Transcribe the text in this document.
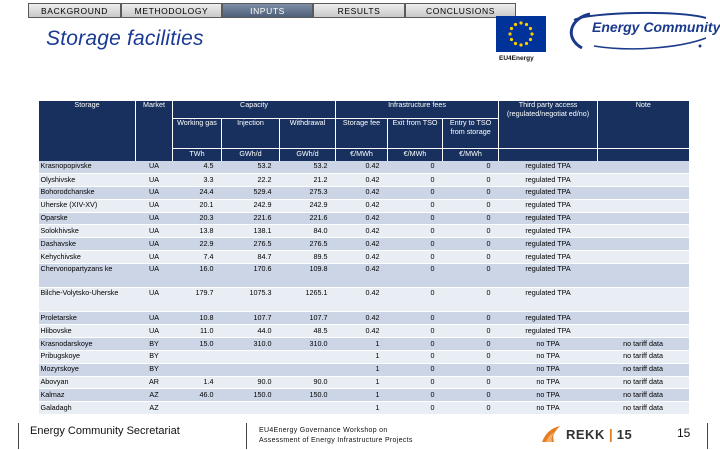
BACKGROUND	METHODOLOGY	INPUTS	RESULTS	CONCLUSIONS
Storage facilities
EU4Energy
Energy Community
Storage	Market	Capacity			Infrastructure fees			Third party access (regulated/negotiat ed/no)	Note
		Working gas	Injection	Withdrawal	Storage fee	Exit from TSO	Entry to TSO from storage		
		TWh	GWh/d	GWh/d	€/MWh	€/MWh	€/MWh		
Krasnopopivske	UA	4.5	53.2	53.2	0.42	0	0	regulated TPA	
Olyshivske	UA	3.3	22.2	21.2	0.42	0	0	regulated TPA	
Bohorodchanske	UA	24.4	529.4	275.3	0.42	0	0	regulated TPA	
Uherske (XIV-XV)	UA	20.1	242.9	242.9	0.42	0	0	regulated TPA	
Oparske	UA	20.3	221.6	221.6	0.42	0	0	regulated TPA	
Solokhivske	UA	13.8	138.1	84.0	0.42	0	0	regulated TPA	
Dashavske	UA	22.9	276.5	276.5	0.42	0	0	regulated TPA	
Kehychivske	UA	7.4	84.7	89.5	0.42	0	0	regulated TPA	
Chervonopartyzans ke	UA	16.0	170.6	109.8	0.42	0	0	regulated TPA	
Bilche-Volytsko-Uherske	UA	179.7	1075.3	1265.1	0.42	0	0	regulated TPA	
Proletarske	UA	10.8	107.7	107.7	0.42	0	0	regulated TPA	
Hlibovske	UA	11.0	44.0	48.5	0.42	0	0	regulated TPA	
Krasnodarskoye	BY	15.0	310.0	310.0	1	0	0	no TPA	no tariff data
Pribugskoye	BY				1	0	0	no TPA	no tariff data
Mozyrskoye	BY				1	0	0	no TPA	no tariff data
Abovyan	AR	1.4	90.0	90.0	1	0	0	no TPA	no tariff data
Kalmaz	AZ	46.0	150.0	150.0	1	0	0	no TPA	no tariff data
Galadagh	AZ				1	0	0	no TPA	no tariff data
Energy Community Secretariat	EU4Energy Governance Workshop on
Assessment of Energy Infrastructure Projects	REKK | 15	15
